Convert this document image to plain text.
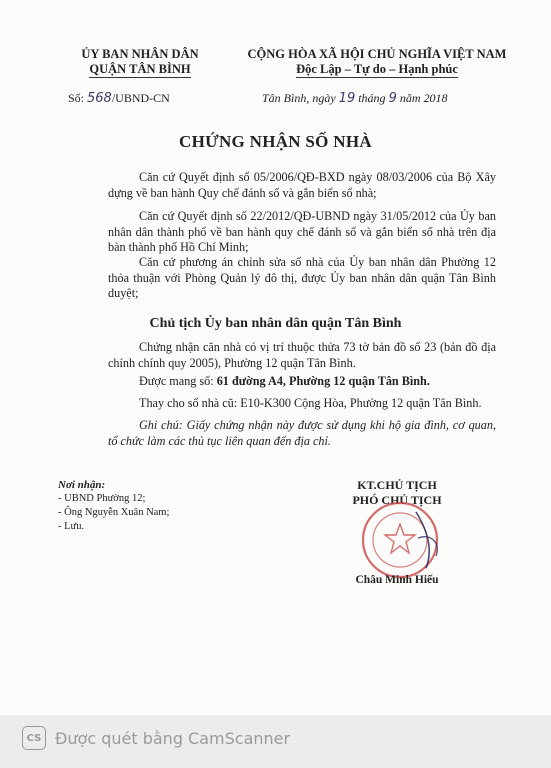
ỦY BAN NHÂN DÂN
QUẬN TÂN BÌNH
CỘNG HÒA XÃ HỘI CHỦ NGHĨA VIỆT NAM
Độc Lập – Tự do – Hạnh phúc
Số: 568/UBND-CN	Tân Bình, ngày 19 tháng 9 năm 2018
CHỨNG NHẬN SỐ NHÀ
Căn cứ Quyết định số 05/2006/QĐ-BXD ngày 08/03/2006 của Bộ Xây dựng về ban hành Quy chế đánh số và gắn biển số nhà;
Căn cứ Quyết định số 22/2012/QĐ-UBND ngày 31/05/2012 của Ủy ban nhân dân thành phố về ban hành quy chế đánh số và gắn biển số nhà trên địa bàn thành phố Hồ Chí Minh;
Căn cứ phương án chỉnh sửa số nhà của Ủy ban nhân dân Phường 12 thỏa thuận với Phòng Quản lý đô thị, được Ủy ban nhân dân quận Tân Bình duyệt;
Chủ tịch Ủy ban nhân dân quận Tân Bình
Chứng nhận căn nhà có vị trí thuộc thửa 73 tờ bản đồ số 23 (bản đồ địa chính chính quy 2005), Phường 12 quận Tân Bình.
Được mang số: 61 đường A4, Phường 12 quận Tân Bình.
Thay cho số nhà cũ: E10-K300 Cộng Hòa, Phường 12 quận Tân Bình.
Ghi chú: Giấy chứng nhận này được sử dụng khi hộ gia đình, cơ quan, tổ chức làm các thủ tục liên quan đến địa chỉ.
Nơi nhận:
- UBND Phường 12;
- Ông Nguyễn Xuân Nam;
- Lưu.
KT.CHỦ TỊCH
PHÓ CHỦ TỊCH
Châu Minh Hiếu
CS Được quét bằng CamScanner
